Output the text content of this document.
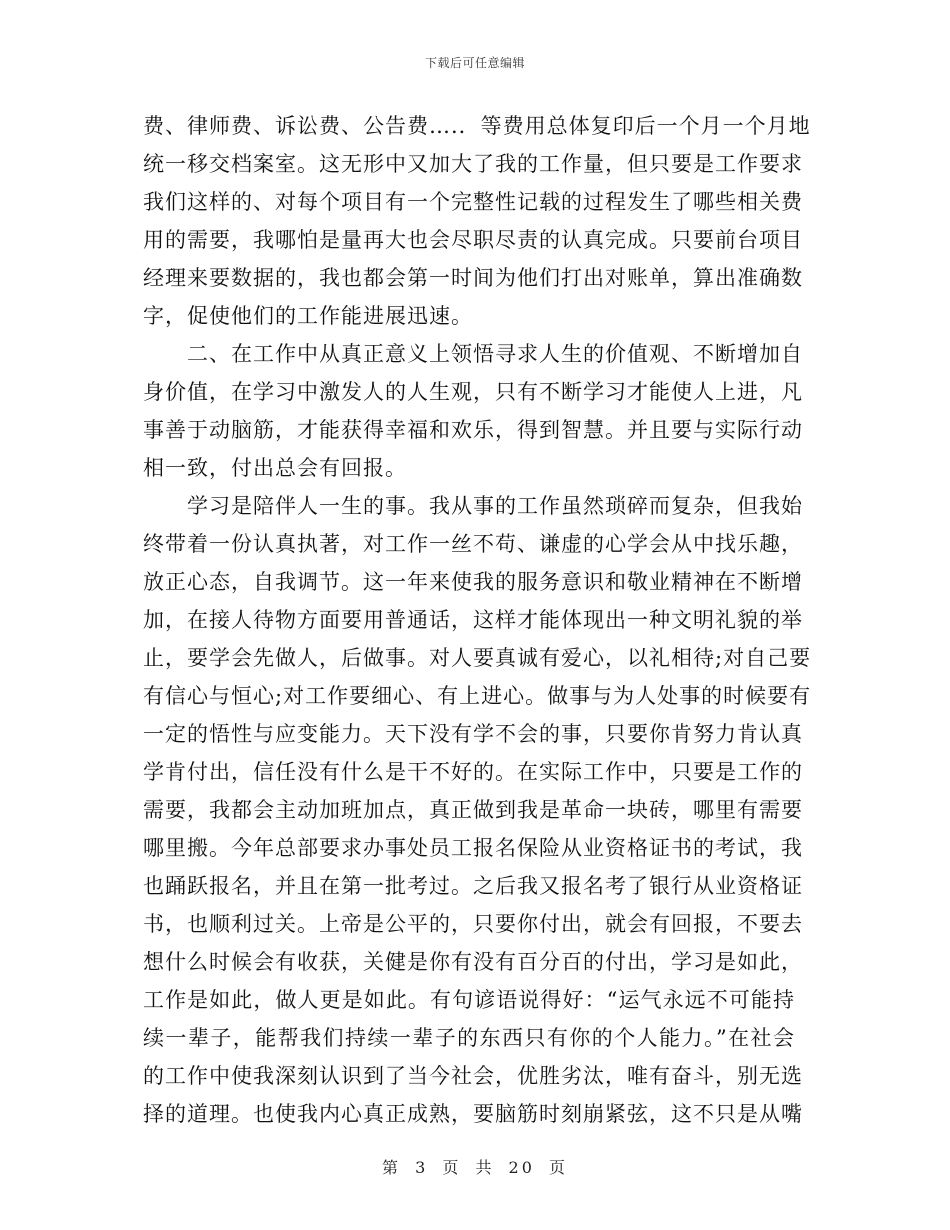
下载后可任意编辑
费、律师费、诉讼费、公告费….．等费用总体复印后一个月一个月地
统一移交档案室。这无形中又加大了我的工作量，但只要是工作要求
我们这样的、对每个项目有一个完整性记载的过程发生了哪些相关费
用的需要，我哪怕是量再大也会尽职尽责的认真完成。只要前台项目
经理来要数据的，我也都会第一时间为他们打出对账单，算出准确数
字，促使他们的工作能进展迅速。
二、在工作中从真正意义上领悟寻求人生的价值观、不断增加自
身价值，在学习中激发人的人生观，只有不断学习才能使人上进，凡
事善于动脑筋，才能获得幸福和欢乐，得到智慧。并且要与实际行动
相一致，付出总会有回报。
学习是陪伴人一生的事。我从事的工作虽然琐碎而复杂，但我始
终带着一份认真执著，对工作一丝不苟、谦虚的心学会从中找乐趣，
放正心态，自我调节。这一年来使我的服务意识和敬业精神在不断增
加，在接人待物方面要用普通话，这样才能体现出一种文明礼貌的举
止，要学会先做人，后做事。对人要真诚有爱心，以礼相待;对自己要
有信心与恒心;对工作要细心、有上进心。做事与为人处事的时候要有
一定的悟性与应变能力。天下没有学不会的事，只要你肯努力肯认真
学肯付出，信任没有什么是干不好的。在实际工作中，只要是工作的
需要，我都会主动加班加点，真正做到我是革命一块砖，哪里有需要
哪里搬。今年总部要求办事处员工报名保险从业资格证书的考试，我
也踊跃报名，并且在第一批考过。之后我又报名考了银行从业资格证
书，也顺利过关。上帝是公平的，只要你付出，就会有回报，不要去
想什么时候会有收获，关健是你有没有百分百的付出，学习是如此，
工作是如此，做人更是如此。有句谚语说得好：“运气永远不可能持
续一辈子，能帮我们持续一辈子的东西只有你的个人能力。”在社会
的工作中使我深刻认识到了当今社会，优胜劣汰，唯有奋斗，别无选
择的道理。也使我内心真正成熟，要脑筋时刻崩紧弦，这不只是从嘴
第 3 页 共 20 页
